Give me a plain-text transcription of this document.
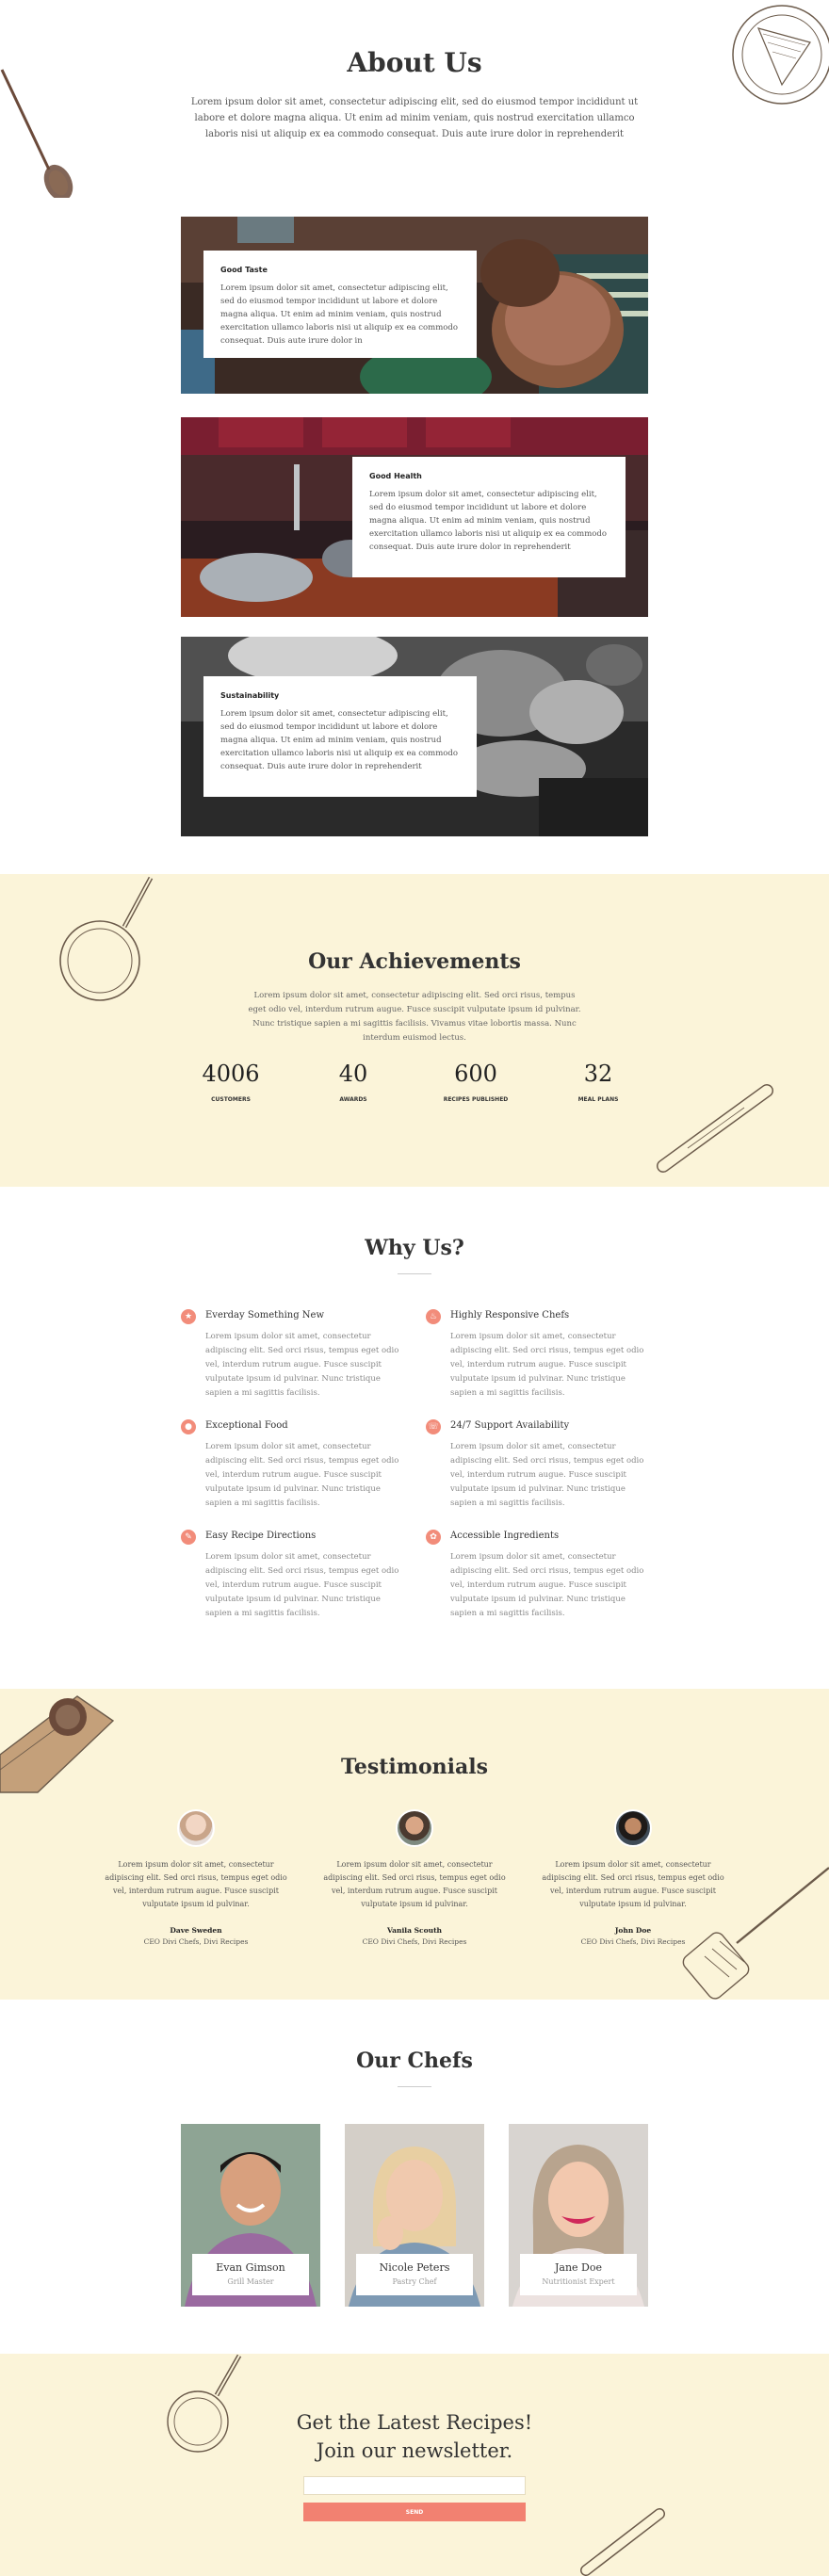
About Us

Lorem ipsum dolor sit amet, consectetur adipiscing elit, sed do eiusmod tempor incididunt ut labore et dolore magna aliqua. Ut enim ad minim veniam, quis nostrud exercitation ullamco laboris nisi ut aliquip ex ea commodo consequat. Duis aute irure dolor in reprehenderit

Good Taste
Lorem ipsum dolor sit amet, consectetur adipiscing elit, sed do eiusmod tempor incididunt ut labore et dolore magna aliqua. Ut enim ad minim veniam, quis nostrud exercitation ullamco laboris nisi ut aliquip ex ea commodo consequat. Duis aute irure dolor in
Good Health
Lorem ipsum dolor sit amet, consectetur adipiscing elit, sed do eiusmod tempor incididunt ut labore et dolore magna aliqua. Ut enim ad minim veniam, quis nostrud exercitation ullamco laboris nisi ut aliquip ex ea commodo consequat. Duis aute irure dolor in reprehenderit
Sustainability
Lorem ipsum dolor sit amet, consectetur adipiscing elit, sed do eiusmod tempor incididunt ut labore et dolore magna aliqua. Ut enim ad minim veniam, quis nostrud exercitation ullamco laboris nisi ut aliquip ex ea commodo consequat. Duis aute irure dolor in reprehenderit
Our Achievements

Lorem ipsum dolor sit amet, consectetur adipiscing elit. Sed orci risus, tempus eget odio vel, interdum rutrum augue. Fusce suscipit vulputate ipsum id pulvinar. Nunc tristique sapien a mi sagittis facilisis. Vivamus vitae lobortis massa. Nunc interdum euismod lectus.

4006
CUSTOMERS
40
AWARDS
600
RECIPES PUBLISHED
32
MEAL PLANS
Why Us?
★	Everday Something New
Lorem ipsum dolor sit amet, consectetur adipiscing elit. Sed orci risus, tempus eget odio vel, interdum rutrum augue. Fusce suscipit vulputate ipsum id pulvinar. Nunc tristique sapien a mi sagittis facilisis.
♨	Highly Responsive Chefs
Lorem ipsum dolor sit amet, consectetur adipiscing elit. Sed orci risus, tempus eget odio vel, interdum rutrum augue. Fusce suscipit vulputate ipsum id pulvinar. Nunc tristique sapien a mi sagittis facilisis.
●	Exceptional Food
Lorem ipsum dolor sit amet, consectetur adipiscing elit. Sed orci risus, tempus eget odio vel, interdum rutrum augue. Fusce suscipit vulputate ipsum id pulvinar. Nunc tristique sapien a mi sagittis facilisis.
☏ 24/7 Support Availability
Lorem ipsum dolor sit amet, consectetur adipiscing elit. Sed orci risus, tempus eget odio vel, interdum rutrum augue. Fusce suscipit vulputate ipsum id pulvinar. Nunc tristique sapien a mi sagittis facilisis.
✎	Easy Recipe Directions
Lorem ipsum dolor sit amet, consectetur adipiscing elit. Sed orci risus, tempus eget odio vel, interdum rutrum augue. Fusce suscipit vulputate ipsum id pulvinar. Nunc tristique sapien a mi sagittis facilisis.
✿	Accessible Ingredients
Lorem ipsum dolor sit amet, consectetur adipiscing elit. Sed orci risus, tempus eget odio vel, interdum rutrum augue. Fusce suscipit vulputate ipsum id pulvinar. Nunc tristique sapien a mi sagittis facilisis.
Testimonials
Lorem ipsum dolor sit amet, consectetur adipiscing elit. Sed orci risus, tempus eget odio vel, interdum rutrum augue. Fusce suscipit vulputate ipsum id pulvinar.
Dave Sweden
CEO Divi Chefs, Divi Recipes
Lorem ipsum dolor sit amet, consectetur adipiscing elit. Sed orci risus, tempus eget odio vel, interdum rutrum augue. Fusce suscipit vulputate ipsum id pulvinar.
Vanila Scouth
CEO Divi Chefs, Divi Recipes
Lorem ipsum dolor sit amet, consectetur adipiscing elit. Sed orci risus, tempus eget odio vel, interdum rutrum augue. Fusce suscipit vulputate ipsum id pulvinar.
John Doe
CEO Divi Chefs, Divi Recipes
Our Chefs
Evan Gimson
Grill Master
Nicole Peters
Pastry Chef
Jane Doe
Nutritionist Expert
Get the Latest Recipes!
Join our newsletter.
SEND
